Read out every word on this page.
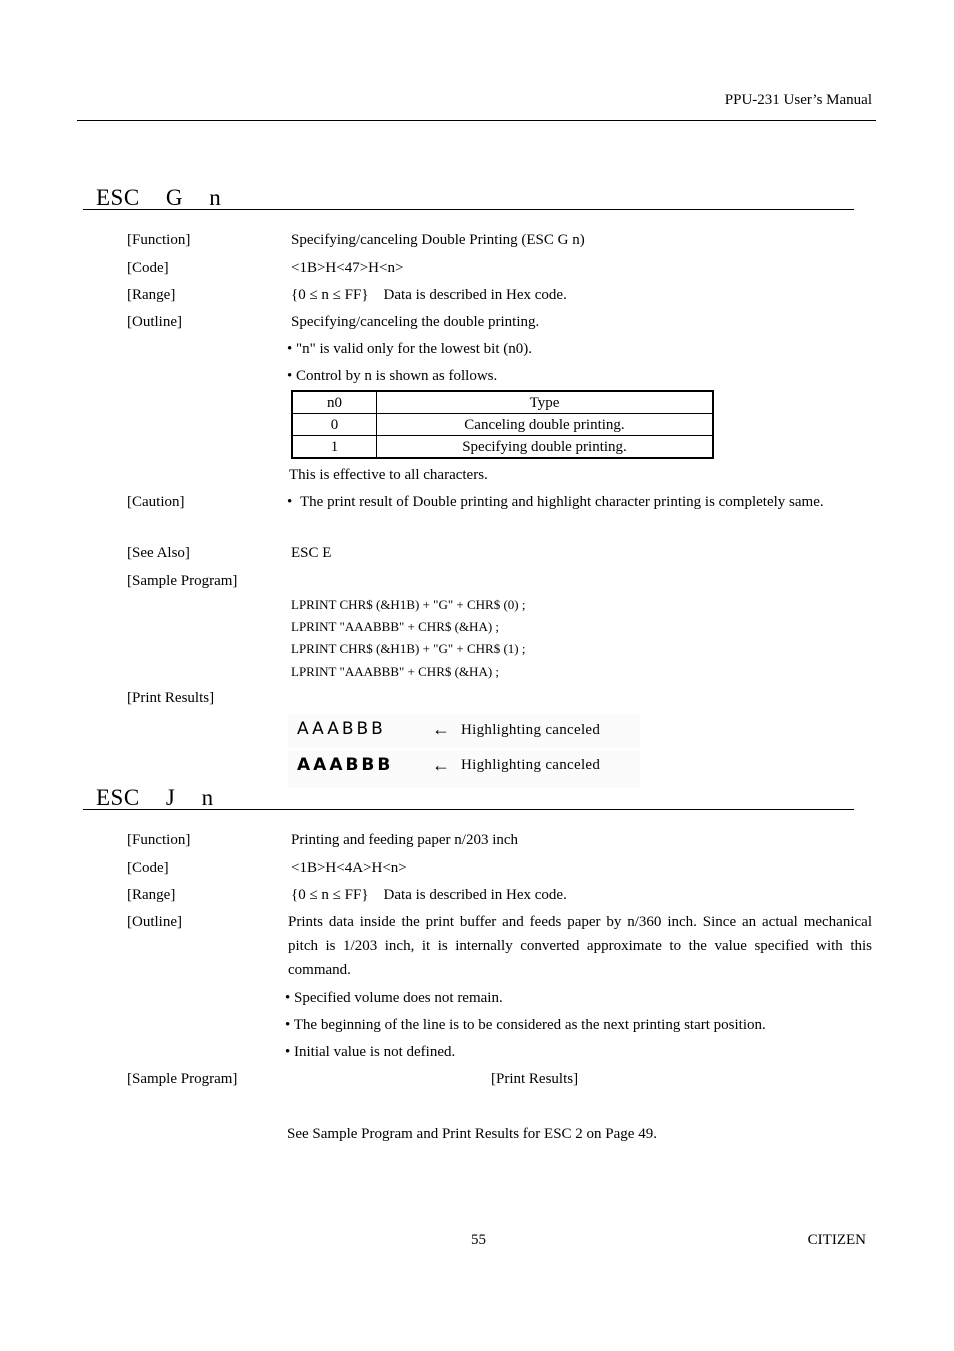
PPU-231 User’s Manual
ESC G n
[Function]	Specifying/canceling Double Printing (ESC G n)
[Code]	<1B>H<47>H<n>
[Range]	{0 ≤ n ≤ FF}    Data is described in Hex code.
[Outline]	Specifying/canceling the double printing.
• "n" is valid only for the lowest bit (n0).
• Control by n is shown as follows.
n0	Type
0	Canceling double printing.
1	Specifying double printing.
This is effective to all characters.
[Caution]	• The print result of Double printing and highlight character printing is completely same.
[See Also]	ESC E
[Sample Program]
LPRINT CHR$ (&H1B) + "G" + CHR$ (0) ;
LPRINT "AAABBB" + CHR$ (&HA) ;
LPRINT CHR$ (&H1B) + "G" + CHR$ (1) ;
LPRINT "AAABBB" + CHR$ (&HA) ;
[Print Results]
AAABBB	← Highlighting canceled
AAABBB ← Highlighting canceled
ESC J n
[Function]	Printing and feeding paper n/203 inch
[Code]	<1B>H<4A>H<n>
[Range]	{0 ≤ n ≤ FF}    Data is described in Hex code.
[Outline]	Prints data inside the print buffer and feeds paper by n/360 inch. Since an actual mechanical pitch is 1/203 inch, it is internally converted approximate to the value specified with this command.
• Specified volume does not remain.
• The beginning of the line is to be considered as the next printing start position.
• Initial value is not defined.
[Sample Program]	[Print Results]
See Sample Program and Print Results for ESC 2 on Page 49.
55	CITIZEN
